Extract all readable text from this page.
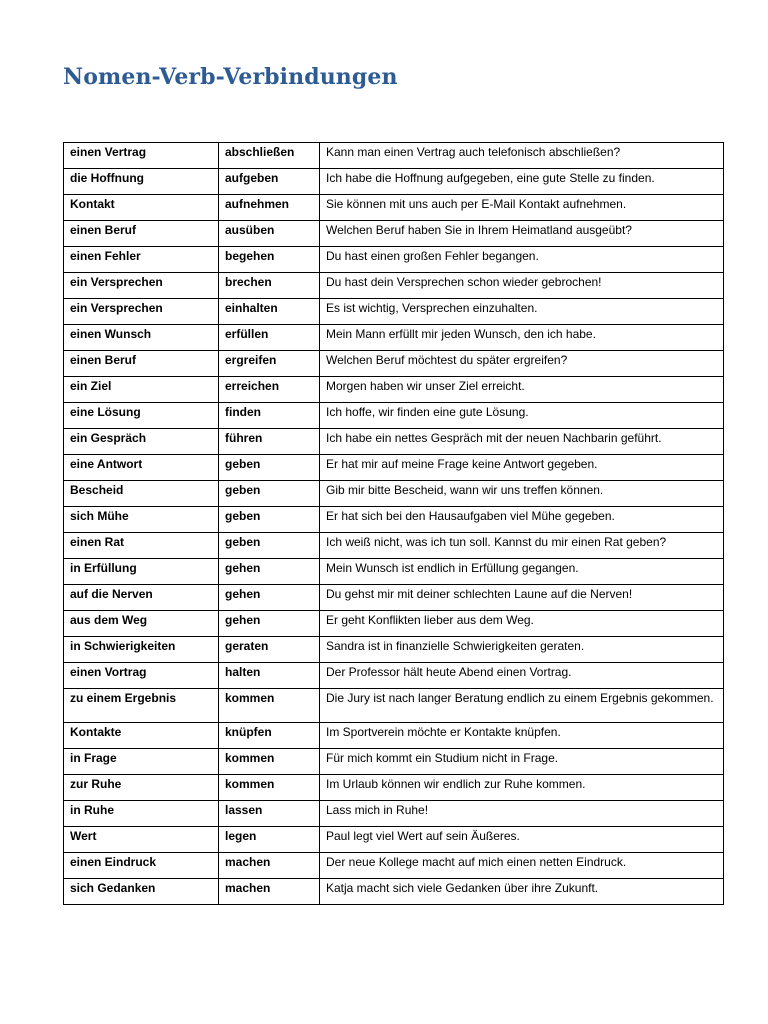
Nomen-Verb-Verbindungen
einen Vertrag	abschließen	Kann man einen Vertrag auch telefonisch abschließen?
die Hoffnung	aufgeben	Ich habe die Hoffnung aufgegeben, eine gute Stelle zu finden.
Kontakt	aufnehmen	Sie können mit uns auch per E-Mail Kontakt aufnehmen.
einen Beruf	ausüben	Welchen Beruf haben Sie in Ihrem Heimatland ausgeübt?
einen Fehler	begehen	Du hast einen großen Fehler begangen.
ein Versprechen	brechen	Du hast dein Versprechen schon wieder gebrochen!
ein Versprechen	einhalten	Es ist wichtig, Versprechen einzuhalten.
einen Wunsch	erfüllen	Mein Mann erfüllt mir jeden Wunsch, den ich habe.
einen Beruf	ergreifen	Welchen Beruf möchtest du später ergreifen?
ein Ziel	erreichen	Morgen haben wir unser Ziel erreicht.
eine Lösung	finden	Ich hoffe, wir finden eine gute Lösung.
ein Gespräch	führen	Ich habe ein nettes Gespräch mit der neuen Nachbarin geführt.
eine Antwort	geben	Er hat mir auf meine Frage keine Antwort gegeben.
Bescheid	geben	Gib mir bitte Bescheid, wann wir uns treffen können.
sich Mühe	geben	Er hat sich bei den Hausaufgaben viel Mühe gegeben.
einen Rat	geben	Ich weiß nicht, was ich tun soll. Kannst du mir einen Rat geben?
in Erfüllung	gehen	Mein Wunsch ist endlich in Erfüllung gegangen.
auf die Nerven	gehen	Du gehst mir mit deiner schlechten Laune auf die Nerven!
aus dem Weg	gehen	Er geht Konflikten lieber aus dem Weg.
in Schwierigkeiten	geraten	Sandra ist in finanzielle Schwierigkeiten geraten.
einen Vortrag	halten	Der Professor hält heute Abend einen Vortrag.
zu einem Ergebnis	kommen	Die Jury ist nach langer Beratung endlich zu einem Ergebnis gekommen.
Kontakte	knüpfen	Im Sportverein möchte er Kontakte knüpfen.
in Frage	kommen	Für mich kommt ein Studium nicht in Frage.
zur Ruhe	kommen	Im Urlaub können wir endlich zur Ruhe kommen.
in Ruhe	lassen	Lass mich in Ruhe!
Wert	legen	Paul legt viel Wert auf sein Äußeres.
einen Eindruck	machen	Der neue Kollege macht auf mich einen netten Eindruck.
sich Gedanken	machen	Katja macht sich viele Gedanken über ihre Zukunft.
